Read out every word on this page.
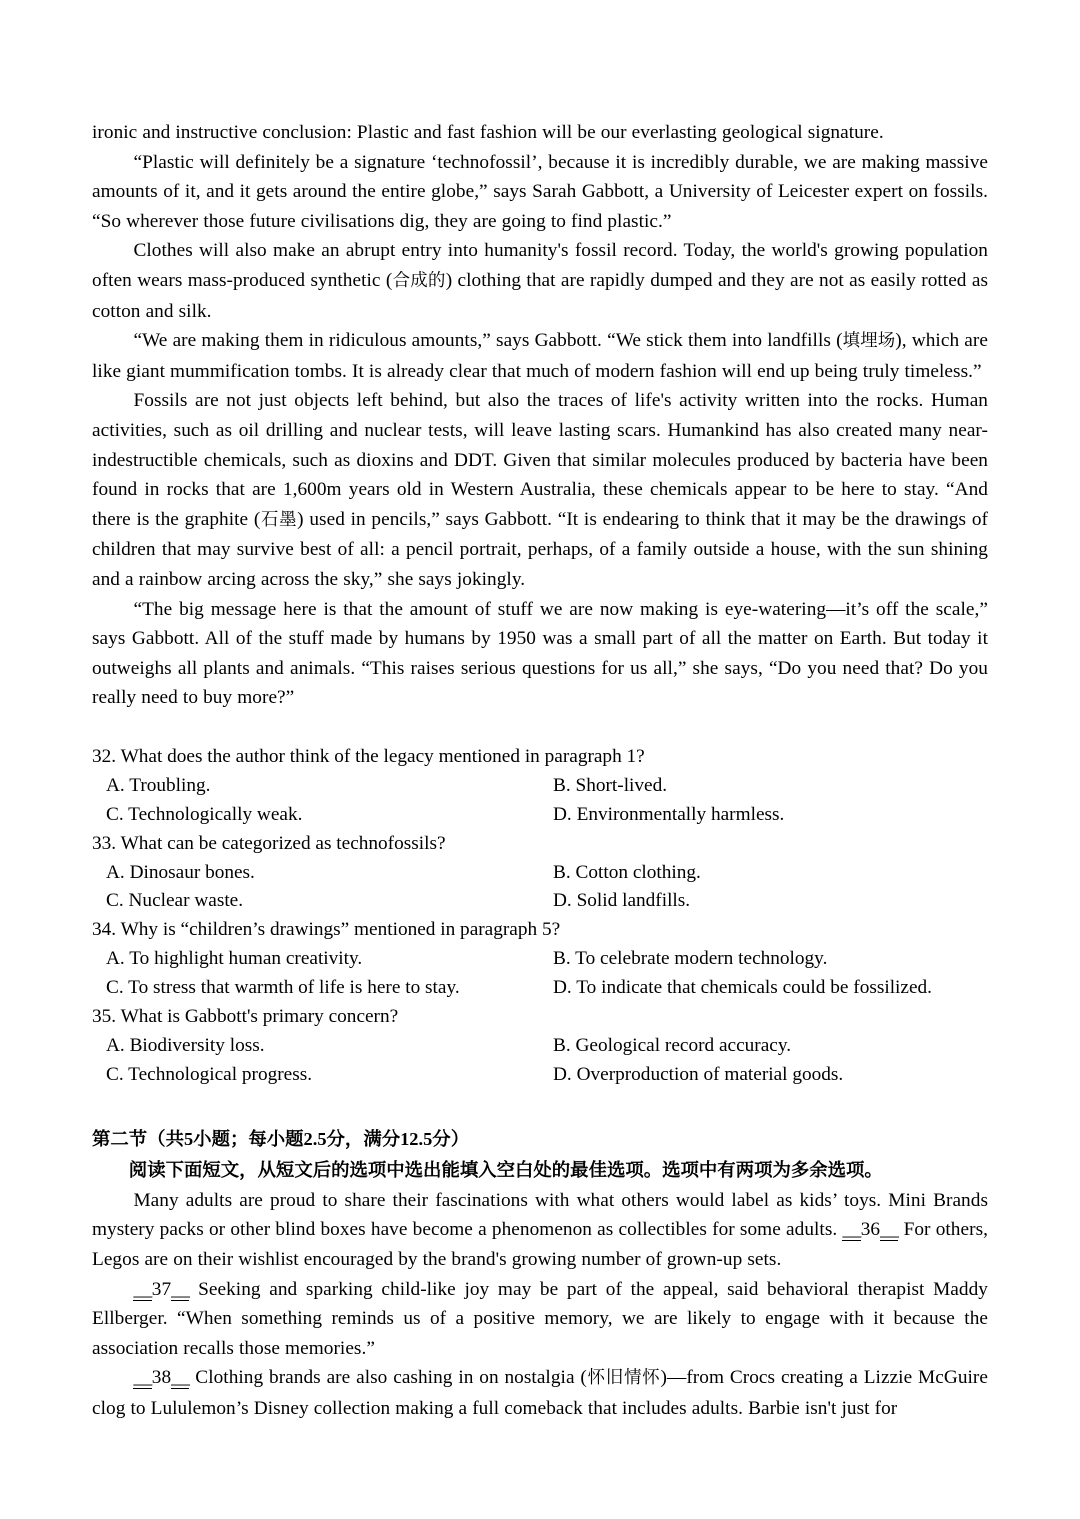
ironic and instructive conclusion: Plastic and fast fashion will be our everlasting geological signature.

“Plastic will definitely be a signature ‘technofossil’, because it is incredibly durable, we are making massive amounts of it, and it gets around the entire globe,” says Sarah Gabbott, a University of Leicester expert on fossils. “So wherever those future civilisations dig, they are going to find plastic.”

Clothes will also make an abrupt entry into humanity's fossil record. Today, the world's growing population often wears mass-produced synthetic (合成的) clothing that are rapidly dumped and they are not as easily rotted as cotton and silk.

“We are making them in ridiculous amounts,” says Gabbott. “We stick them into landfills (填埋场), which are like giant mummification tombs. It is already clear that much of modern fashion will end up being truly timeless.”

Fossils are not just objects left behind, but also the traces of life's activity written into the rocks. Human activities, such as oil drilling and nuclear tests, will leave lasting scars. Humankind has also created many near-indestructible chemicals, such as dioxins and DDT. Given that similar molecules produced by bacteria have been found in rocks that are 1,600m years old in Western Australia, these chemicals appear to be here to stay. “And there is the graphite (石墨) used in pencils,” says Gabbott. “It is endearing to think that it may be the drawings of children that may survive best of all: a pencil portrait, perhaps, of a family outside a house, with the sun shining and a rainbow arcing across the sky,” she says jokingly.

“The big message here is that the amount of stuff we are now making is eye-watering—it’s off the scale,” says Gabbott. All of the stuff made by humans by 1950 was a small part of all the matter on Earth. But today it outweighs all plants and animals. “This raises serious questions for us all,” she says, “Do you need that? Do you really need to buy more?”

32. What does the author think of the legacy mentioned in paragraph 1?

A. Troubling.	B. Short-lived.
C. Technologically weak.	D. Environmentally harmless.

33. What can be categorized as technofossils?

A. Dinosaur bones.	B. Cotton clothing.
C. Nuclear waste.	D. Solid landfills.

34. Why is “children’s drawings” mentioned in paragraph 5?

A. To highlight human creativity.	B. To celebrate modern technology.
C. To stress that warmth of life is here to stay.	D. To indicate that chemicals could be fossilized.

35. What is Gabbott's primary concern?

A. Biodiversity loss.	B. Geological record accuracy.
C. Technological progress.	D. Overproduction of material goods.

第二节（共5小题；每小题2.5分，满分12.5分）

阅读下面短文，从短文后的选项中选出能填入空白处的最佳选项。选项中有两项为多余选项。

Many adults are proud to share their fascinations with what others would label as kids’ toys. Mini Brands mystery packs or other blind boxes have become a phenomenon as collectibles for some adults. __36__ For others, Legos are on their wishlist encouraged by the brand's growing number of grown-up sets.

__37__ Seeking and sparking child-like joy may be part of the appeal, said behavioral therapist Maddy Ellberger. “When something reminds us of a positive memory, we are likely to engage with it because the association recalls those memories.”

__38__ Clothing brands are also cashing in on nostalgia (怀旧情怀)—from Crocs creating a Lizzie McGuire clog to Lululemon’s Disney collection making a full comeback that includes adults. Barbie isn't just for
